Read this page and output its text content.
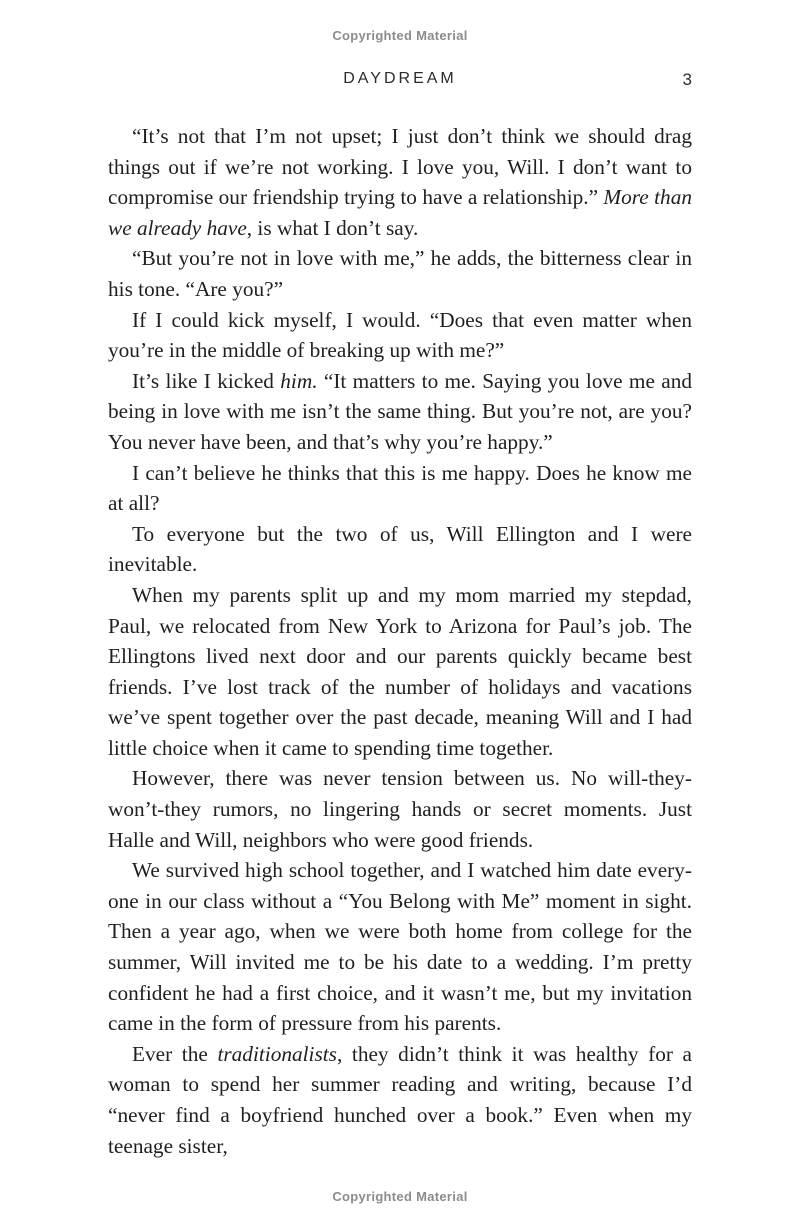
Copyrighted Material
DAYDREAM	3

“It’s not that I’m not upset; I just don’t think we should drag things out if we’re not working. I love you, Will. I don’t want to compromise our friendship trying to have a relationship.” More than we already have, is what I don’t say.

“But you’re not in love with me,” he adds, the bitterness clear in his tone. “Are you?”

If I could kick myself, I would. “Does that even matter when you’re in the middle of breaking up with me?”

It’s like I kicked him. “It matters to me. Saying you love me and being in love with me isn’t the same thing. But you’re not, are you? You never have been, and that’s why you’re happy.”

I can’t believe he thinks that this is me happy. Does he know me at all?

To everyone but the two of us, Will Ellington and I were inevitable.

When my parents split up and my mom married my stepdad, Paul, we relocated from New York to Arizona for Paul’s job. The Ellingtons lived next door and our parents quickly became best friends. I’ve lost track of the number of holidays and vacations we’ve spent together over the past decade, meaning Will and I had little choice when it came to spending time together.

However, there was never tension between us. No will-they-won’t-they rumors, no lingering hands or secret moments. Just Halle and Will, neighbors who were good friends.

We survived high school together, and I watched him date everyone in our class without a “You Belong with Me” moment in sight. Then a year ago, when we were both home from college for the summer, Will invited me to be his date to a wedding. I’m pretty confident he had a first choice, and it wasn’t me, but my invitation came in the form of pressure from his parents.

Ever the traditionalists, they didn’t think it was healthy for a woman to spend her summer reading and writing, because I’d “never find a boyfriend hunched over a book.” Even when my teenage sister,

Copyrighted Material
